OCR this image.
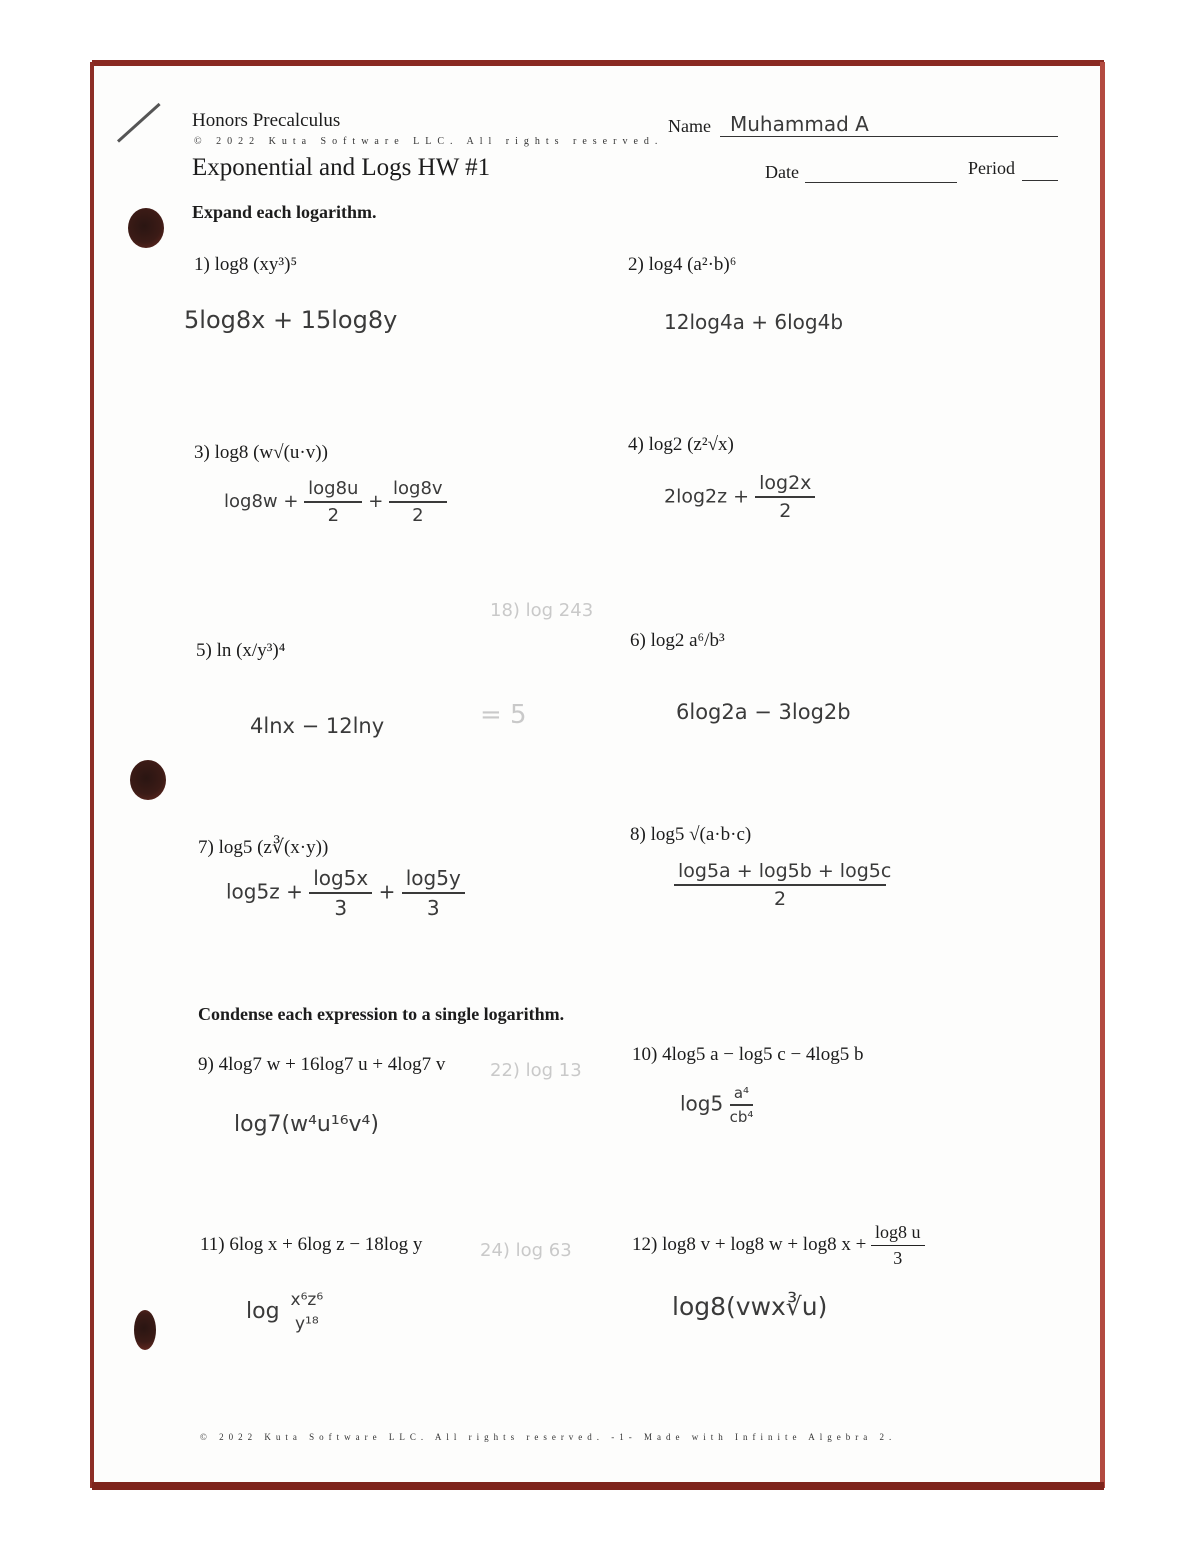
22) log 13
24) log 63
18) log 243
= 5
Honors Precalculus
© 2022 Kuta Software LLC. All rights reserved.
Exponential and Logs HW #1
Name Muhammad A
Date	Period
Expand each logarithm.
1) log8 (xy³)⁵
5log8x + 15log8y
2) log4 (a²·b)⁶
12log4a + 6log4b
3) log8 (w√(u·v))
$\log 8w + \frac{\log 8u}{2} + \frac{\log 8v}{2}$
4) log2 (z²√x)
$2\log 2z + \frac{\log 2x}{2}$
5) ln (x/y³)⁴
4lnx − 12lny
6) log2 a⁶/b³
6log2a − 3log2b
7) log5 (z∛(x·y))
$\log 5z + \frac{\log 5x}{3} + \frac{\log 5y}{3}$
8) log5 √(a·b·c)
$\frac{\log 5a + \log 5b + \log 5c}{2}$
Condense each expression to a single logarithm.
9) 4log7 w + 16log7 u + 4log7 v
log7(w⁴u¹⁶v⁴)
10) 4log5 a − log5 c − 4log5 b
$\log 5 \frac{\text{a⁴}}{\text{cb⁴}}$
11) 6log x + 6log z − 18log y
log x⁶z⁶
y¹⁸
12) log8 v + log8 w + log8 $x + \frac{\log 8 u}{3}$
log8(vwx∛u)
© 2022 Kuta Software LLC. All rights reserved. -1- Made with Infinite Algebra 2.
